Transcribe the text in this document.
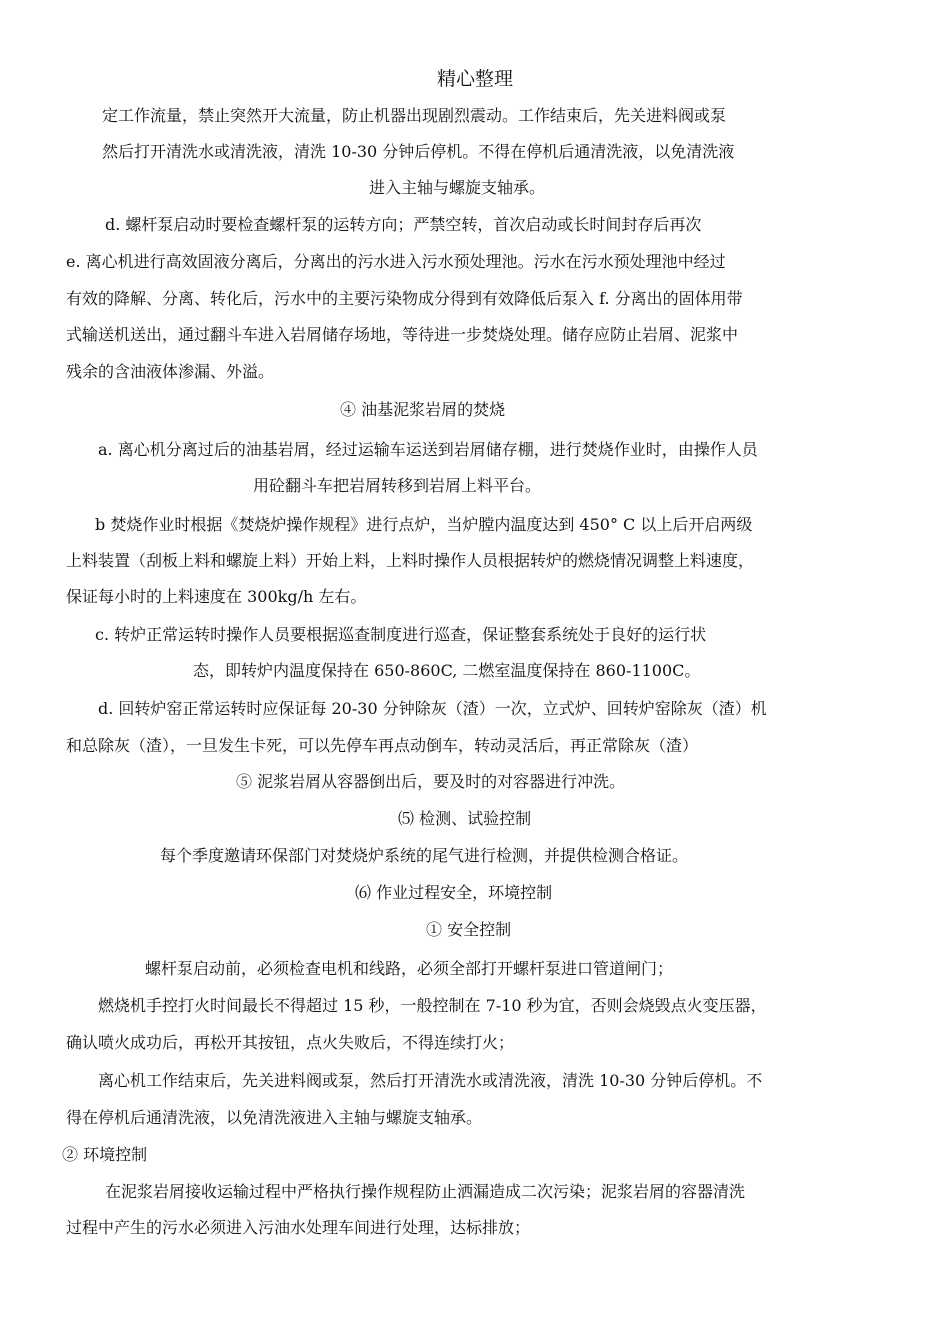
精心整理
定工作流量，禁止突然开大流量，防止机器出现剧烈震动。工作结束后，先关进料阀或泵
然后打开清洗水或清洗液，清洗 10-30 分钟后停机。不得在停机后通清洗液，以免清洗液
进入主轴与螺旋支轴承。
d. 螺杆泵启动时要检查螺杆泵的运转方向；严禁空转，首次启动或长时间封存后再次
e. 离心机进行高效固液分离后，分离出的污水进入污水预处理池。污水在污水预处理池中经过
有效的降解、分离、转化后，污水中的主要污染物成分得到有效降低后泵入 f. 分离出的固体用带
式输送机送出，通过翻斗车进入岩屑储存场地，等待进一步焚烧处理。储存应防止岩屑、泥浆中
残余的含油液体渗漏、外溢。
④ 油基泥浆岩屑的焚烧
a. 离心机分离过后的油基岩屑，经过运输车运送到岩屑储存棚，进行焚烧作业时，由操作人员
用砼翻斗车把岩屑转移到岩屑上料平台。
b 焚烧作业时根据《焚烧炉操作规程》进行点炉，当炉膛内温度达到 450° C 以上后开启两级
上料装置（刮板上料和螺旋上料）开始上料，上料时操作人员根据转炉的燃烧情况调整上料速度，
保证每小时的上料速度在 300kg/h 左右。
c. 转炉正常运转时操作人员要根据巡查制度进行巡查，保证整套系统处于良好的运行状
态，即转炉内温度保持在 650-860C, 二燃室温度保持在 860-1100C。
d. 回转炉窑正常运转时应保证每 20-30 分钟除灰（渣）一次，立式炉、回转炉窑除灰（渣）机
和总除灰（渣），一旦发生卡死，可以先停车再点动倒车，转动灵活后，再正常除灰（渣）
⑤ 泥浆岩屑从容器倒出后，要及时的对容器进行冲洗。
⑸ 检测、试验控制
每个季度邀请环保部门对焚烧炉系统的尾气进行检测，并提供检测合格证。
⑹ 作业过程安全，环境控制
① 安全控制
螺杆泵启动前，必须检查电机和线路，必须全部打开螺杆泵进口管道闸门；
燃烧机手控打火时间最长不得超过 15 秒，一般控制在 7-10 秒为宜，否则会烧毁点火变压器，
确认喷火成功后，再松开其按钮，点火失败后，不得连续打火；
离心机工作结束后，先关进料阀或泵，然后打开清洗水或清洗液，清洗 10-30 分钟后停机。不
得在停机后通清洗液，以免清洗液进入主轴与螺旋支轴承。
② 环境控制
在泥浆岩屑接收运输过程中严格执行操作规程防止洒漏造成二次污染；泥浆岩屑的容器清洗
过程中产生的污水必须进入污油水处理车间进行处理，达标排放；
